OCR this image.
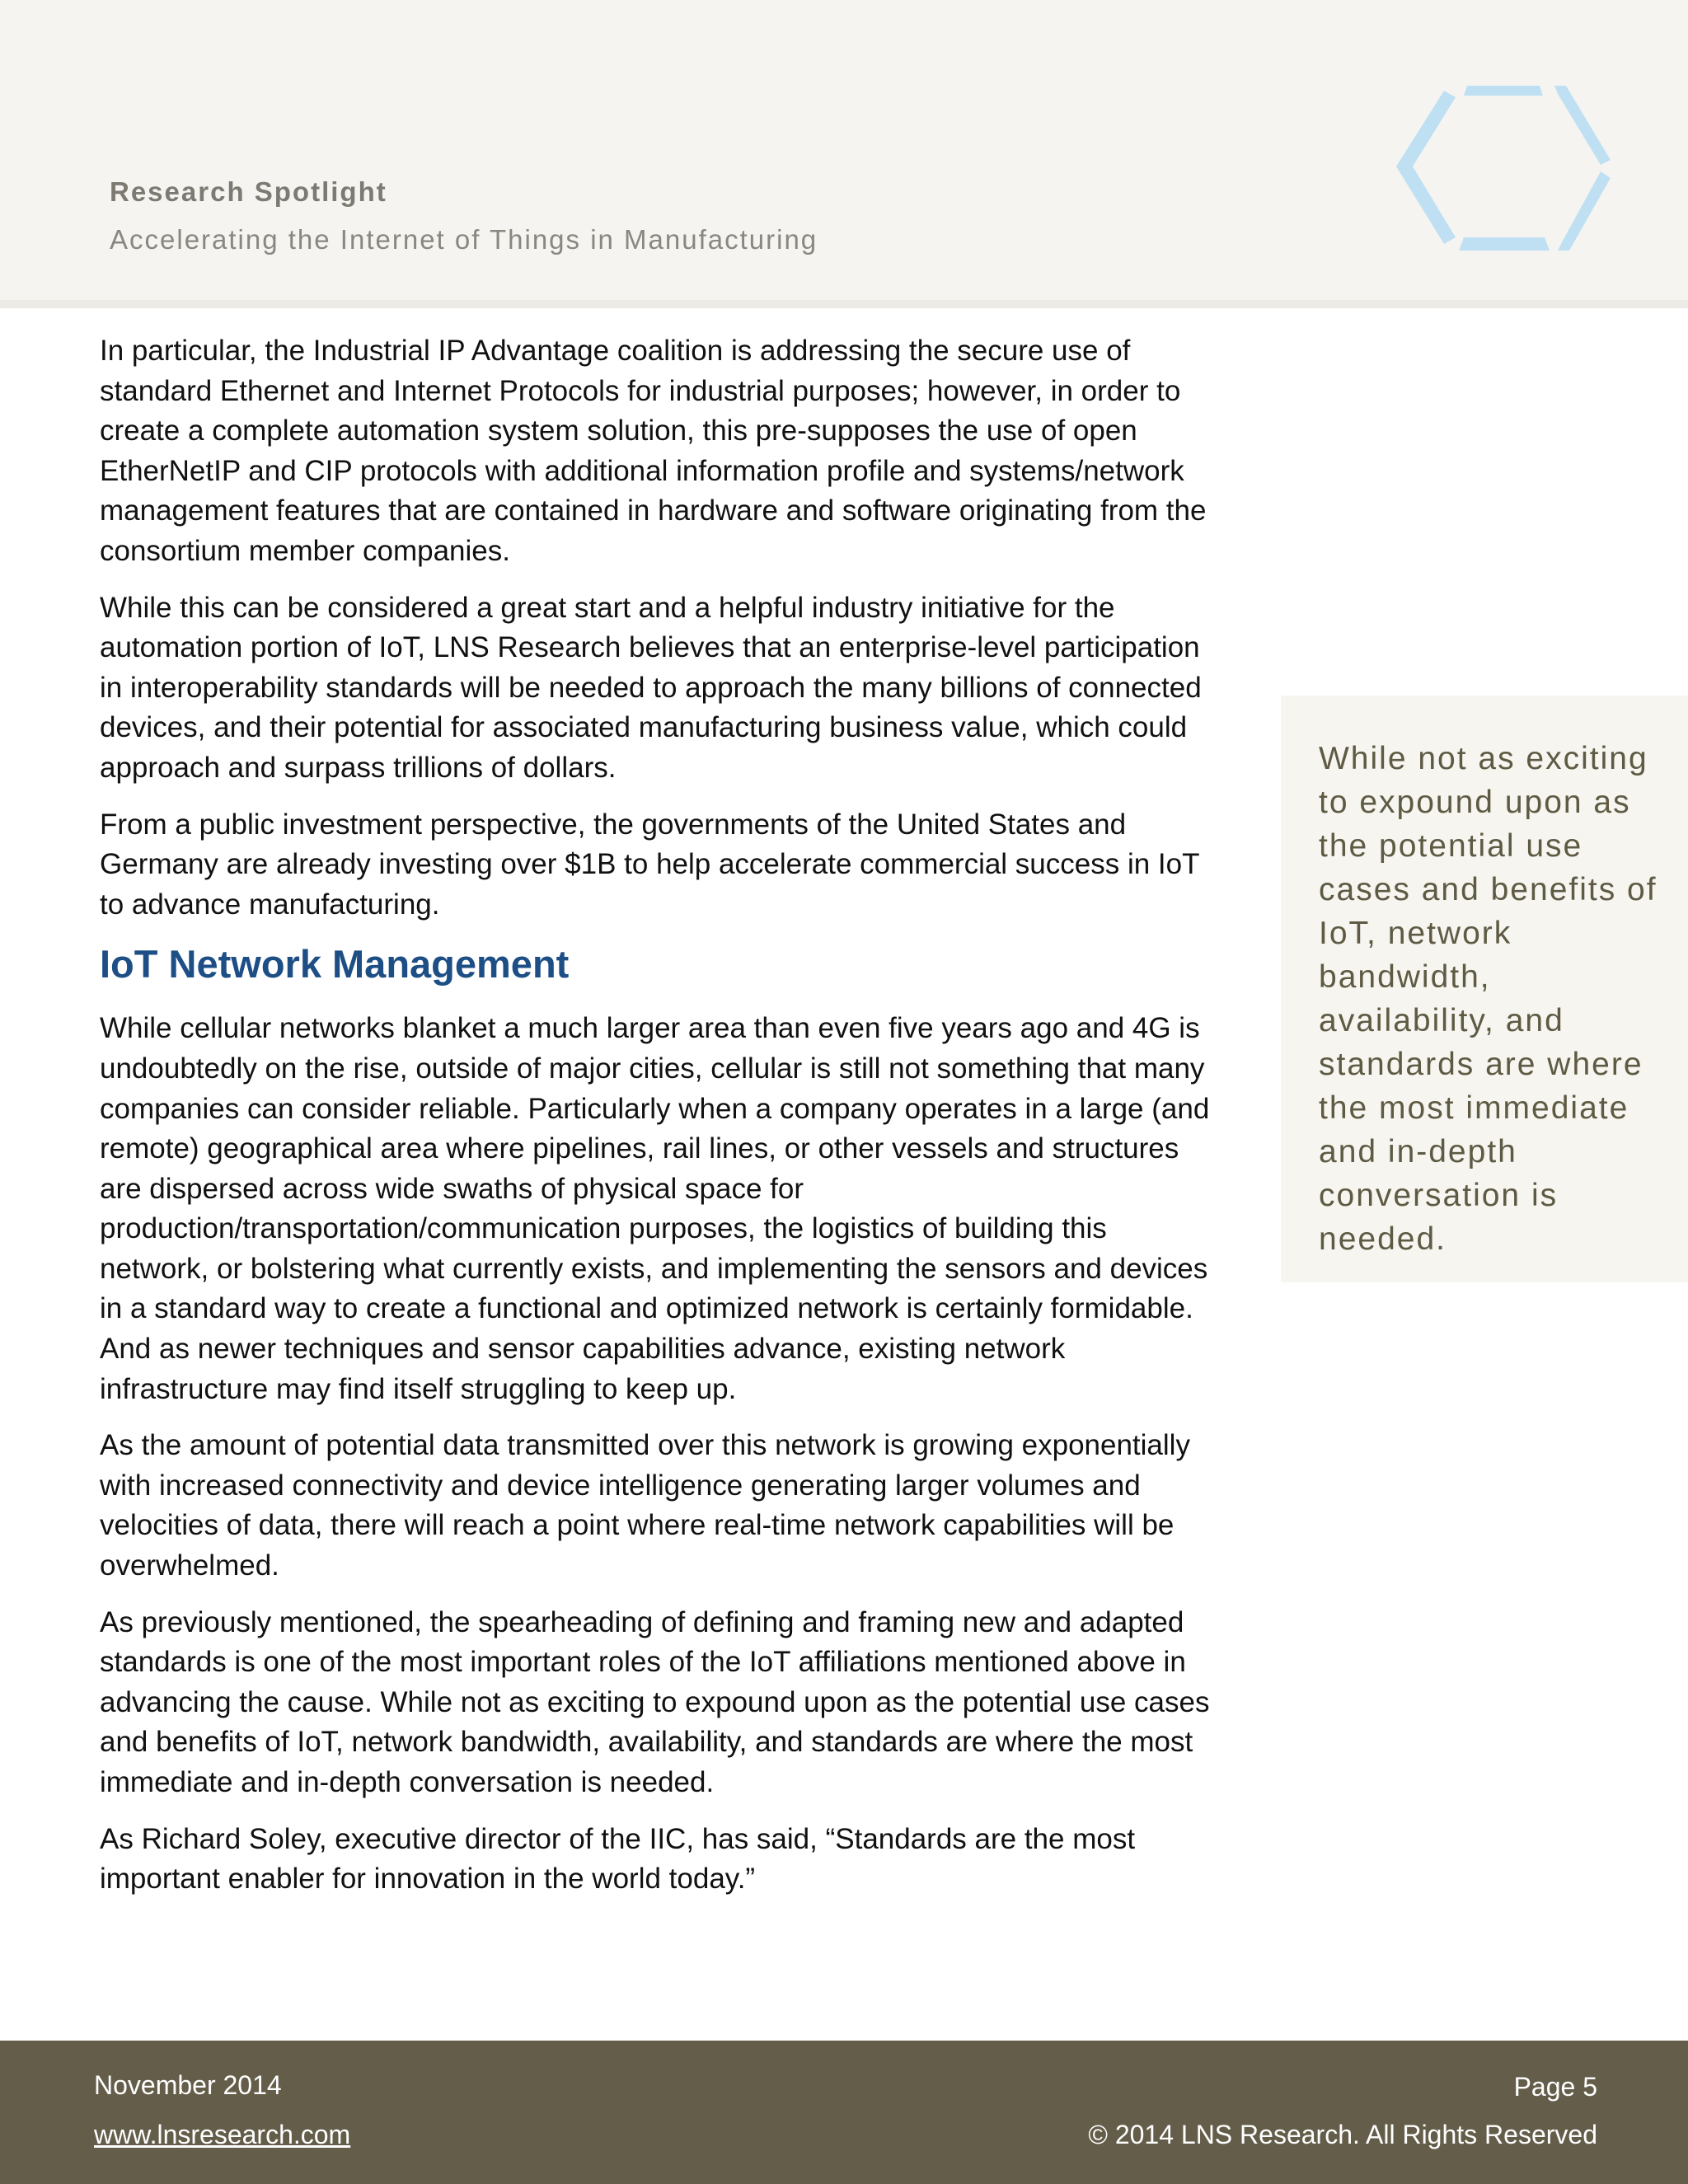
Research Spotlight
Accelerating the Internet of Things in Manufacturing

In particular, the Industrial IP Advantage coalition is addressing the secure use of standard Ethernet and Internet Protocols for industrial purposes; however, in order to create a complete automation system solution, this pre-supposes the use of open EtherNetIP and CIP protocols with additional information profile and systems/network management features that are contained in hardware and software originating from the consortium member companies.

While this can be considered a great start and a helpful industry initiative for the automation portion of IoT, LNS Research believes that an enterprise-level participation in interoperability standards will be needed to approach the many billions of connected devices, and their potential for associated manufacturing business value, which could approach and surpass trillions of dollars.

From a public investment perspective, the governments of the United States and Germany are already investing over $1B to help accelerate commercial success in IoT to advance manufacturing.

IoT Network Management

While cellular networks blanket a much larger area than even five years ago and 4G is undoubtedly on the rise, outside of major cities, cellular is still not something that many companies can consider reliable. Particularly when a company operates in a large (and remote) geographical area where pipelines, rail lines, or other vessels and structures are dispersed across wide swaths of physical space for production/transportation/communication purposes, the logistics of building this network, or bolstering what currently exists, and implementing the sensors and devices in a standard way to create a functional and optimized network is certainly formidable. And as newer techniques and sensor capabilities advance, existing network infrastructure may find itself struggling to keep up.

As the amount of potential data transmitted over this network is growing exponentially with increased connectivity and device intelligence generating larger volumes and velocities of data, there will reach a point where real-time network capabilities will be overwhelmed.

As previously mentioned, the spearheading of defining and framing new and adapted standards is one of the most important roles of the IoT affiliations mentioned above in advancing the cause. While not as exciting to expound upon as the potential use cases and benefits of IoT, network bandwidth, availability, and standards are where the most immediate and in-depth conversation is needed.

As Richard Soley, executive director of the IIC, has said, “Standards are the most important enabler for innovation in the world today.”

While not as exciting to expound upon as the potential use cases and benefits of IoT, network bandwidth, availability, and standards are where the most immediate and in-depth conversation is needed.
November 2014
www.lnsresearch.com
Page 5
© 2014 LNS Research. All Rights Reserved
